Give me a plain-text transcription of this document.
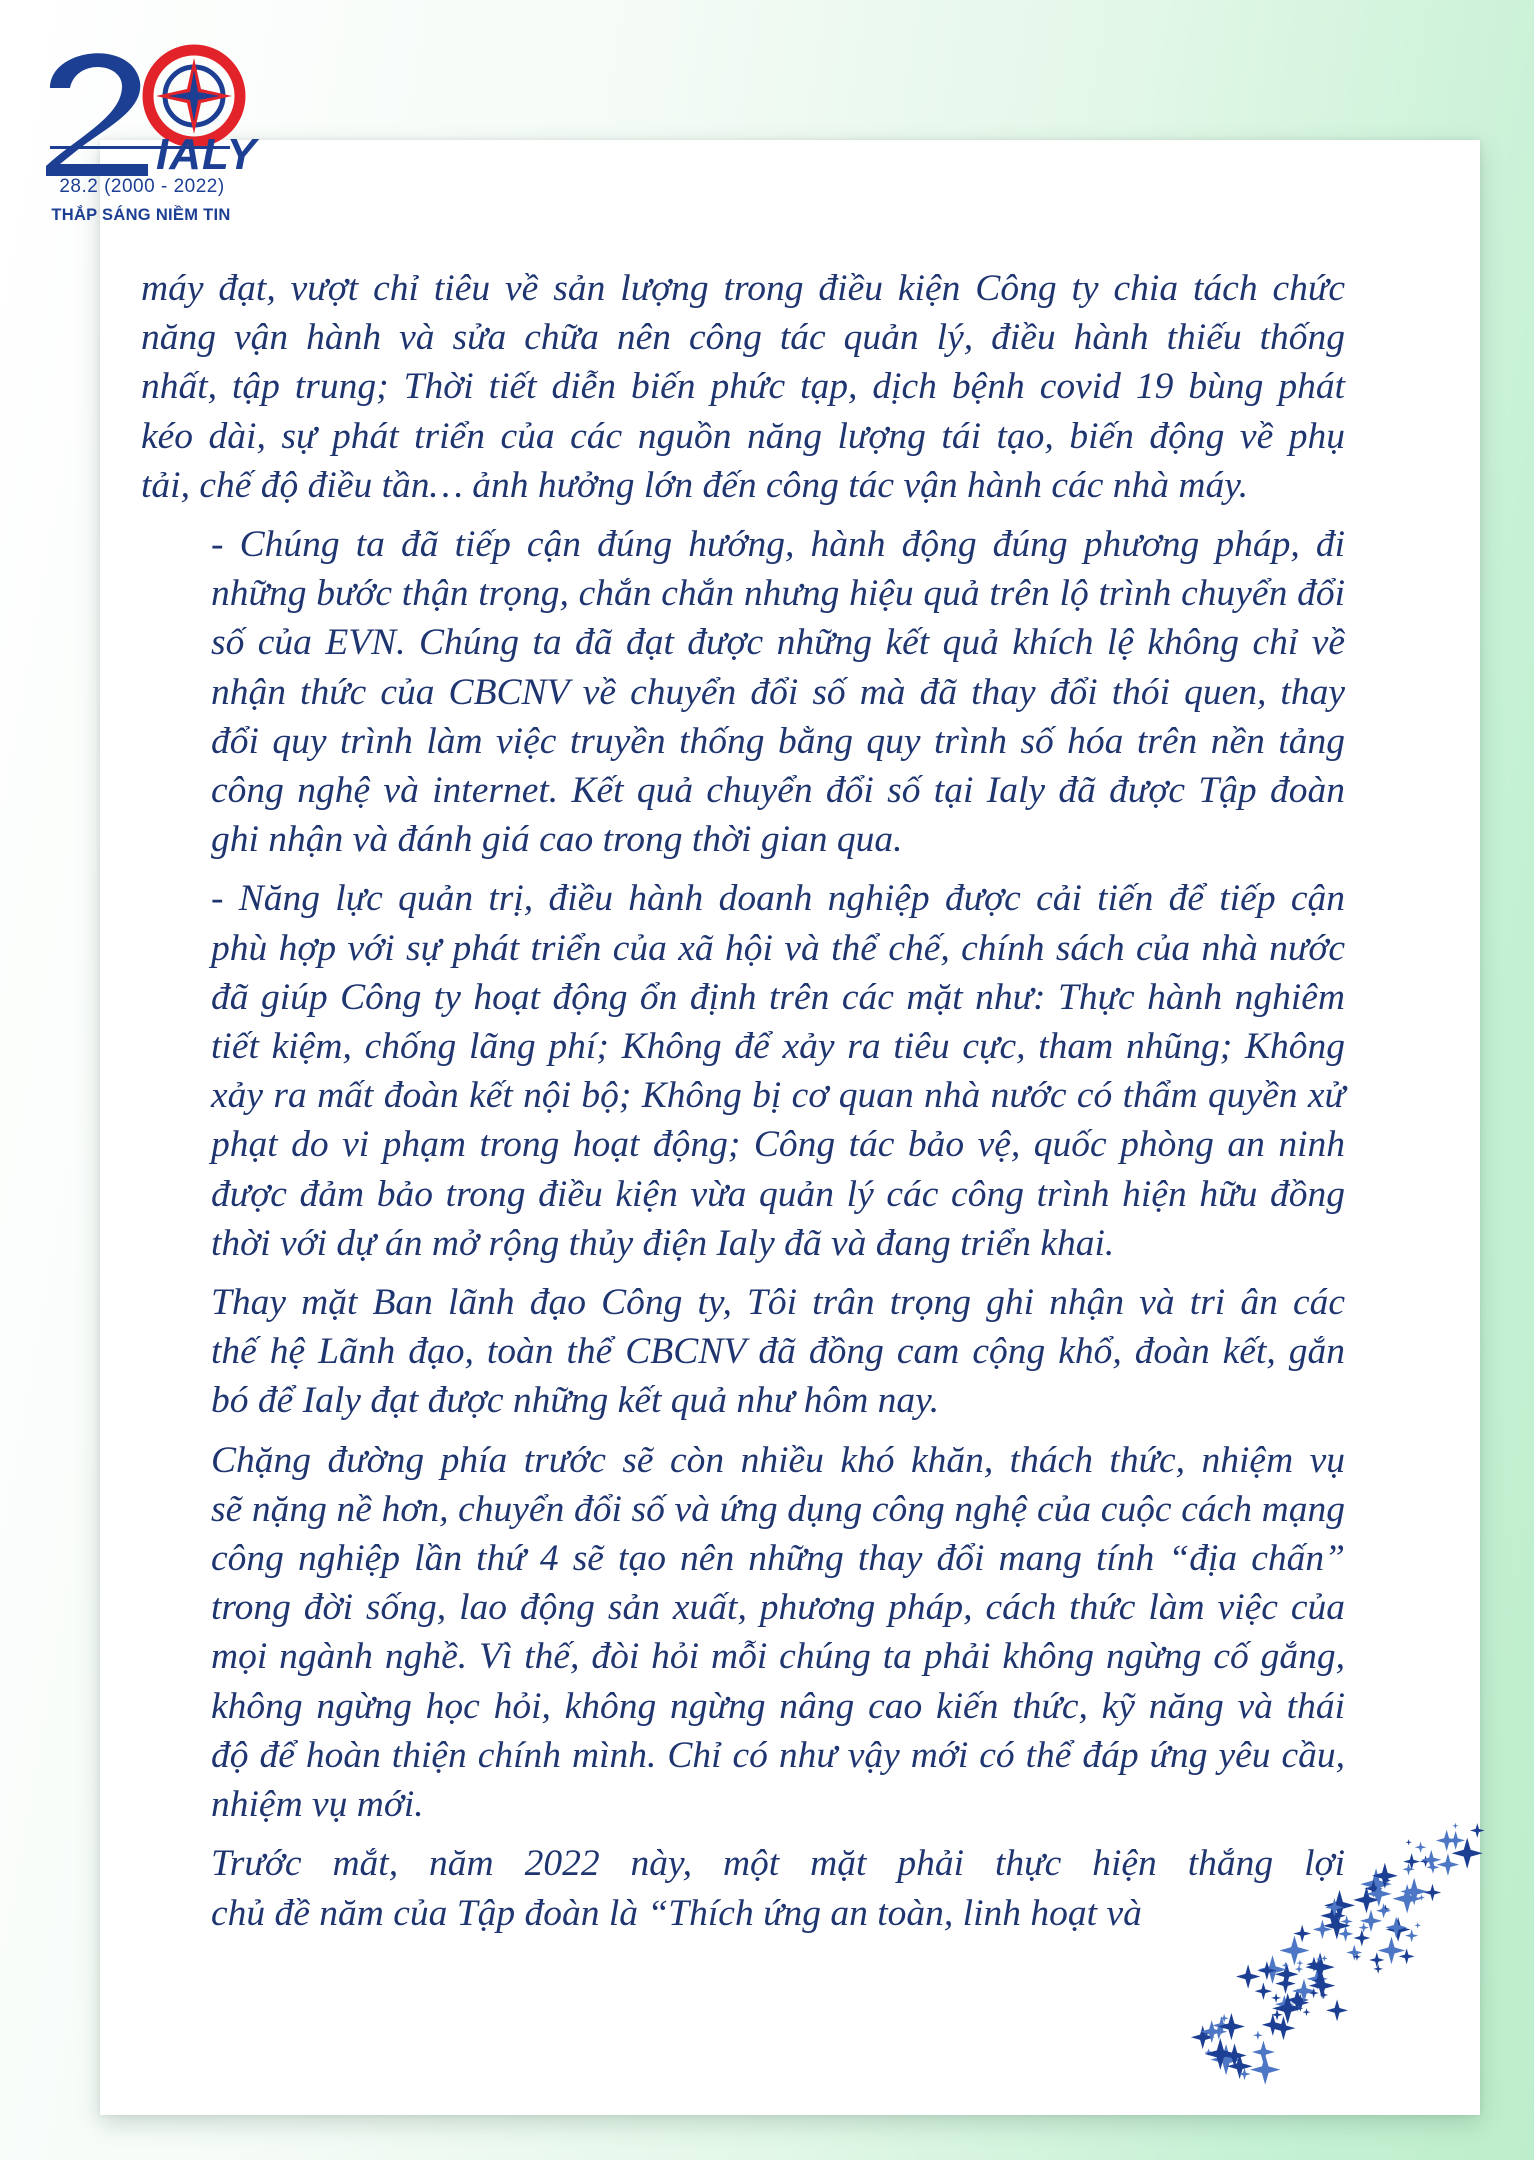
IALY
28.2 (2000 - 2022)
THẮP SÁNG NIỀM TIN
máy đạt, vượt chỉ tiêu về sản lượng trong điều kiện Công ty chia tách chức
năng vận hành và sửa chữa nên công tác quản lý, điều hành thiếu thống
nhất, tập trung; Thời tiết diễn biến phức tạp, dịch bệnh covid 19 bùng phát
kéo dài, sự phát triển của các nguồn năng lượng tái tạo, biến động về phụ
tải, chế độ điều tần… ảnh hưởng lớn đến công tác vận hành các nhà máy.
- Chúng ta đã tiếp cận đúng hướng, hành động đúng phương pháp, đi
những bước thận trọng, chắn chắn nhưng hiệu quả trên lộ trình chuyển đổi
số của EVN. Chúng ta đã đạt được những kết quả khích lệ không chỉ về
nhận thức của CBCNV về chuyển đổi số mà đã thay đổi thói quen, thay
đổi quy trình làm việc truyền thống bằng quy trình số hóa trên nền tảng
công nghệ và internet. Kết quả chuyển đổi số tại Ialy đã được Tập đoàn
ghi nhận và đánh giá cao trong thời gian qua.
- Năng lực quản trị, điều hành doanh nghiệp được cải tiến để tiếp cận
phù hợp với sự phát triển của xã hội và thể chế, chính sách của nhà nước
đã giúp Công ty hoạt động ổn định trên các mặt như: Thực hành nghiêm
tiết kiệm, chống lãng phí; Không để xảy ra tiêu cực, tham nhũng; Không
xảy ra mất đoàn kết nội bộ; Không bị cơ quan nhà nước có thẩm quyền xử
phạt do vi phạm trong hoạt động; Công tác bảo vệ, quốc phòng an ninh
được đảm bảo trong điều kiện vừa quản lý các công trình hiện hữu đồng
thời với dự án mở rộng thủy điện Ialy đã và đang triển khai.
Thay mặt Ban lãnh đạo Công ty, Tôi trân trọng ghi nhận và tri ân các
thế hệ Lãnh đạo, toàn thể CBCNV đã đồng cam cộng khổ, đoàn kết, gắn
bó để Ialy đạt được những kết quả như hôm nay.
Chặng đường phía trước sẽ còn nhiều khó khăn, thách thức, nhiệm vụ
sẽ nặng nề hơn, chuyển đổi số và ứng dụng công nghệ của cuộc cách mạng
công nghiệp lần thứ 4 sẽ tạo nên những thay đổi mang tính “địa chấn”
trong đời sống, lao động sản xuất, phương pháp, cách thức làm việc của
mọi ngành nghề. Vì thế, đòi hỏi mỗi chúng ta phải không ngừng cố gắng,
không ngừng học hỏi, không ngừng nâng cao kiến thức, kỹ năng và thái
độ để hoàn thiện chính mình. Chỉ có như vậy mới có thể đáp ứng yêu cầu,
nhiệm vụ mới.
Trước mắt, năm 2022 này, một mặt phải thực hiện thắng lợi
chủ đề năm của Tập đoàn là “Thích ứng an toàn, linh hoạt và
